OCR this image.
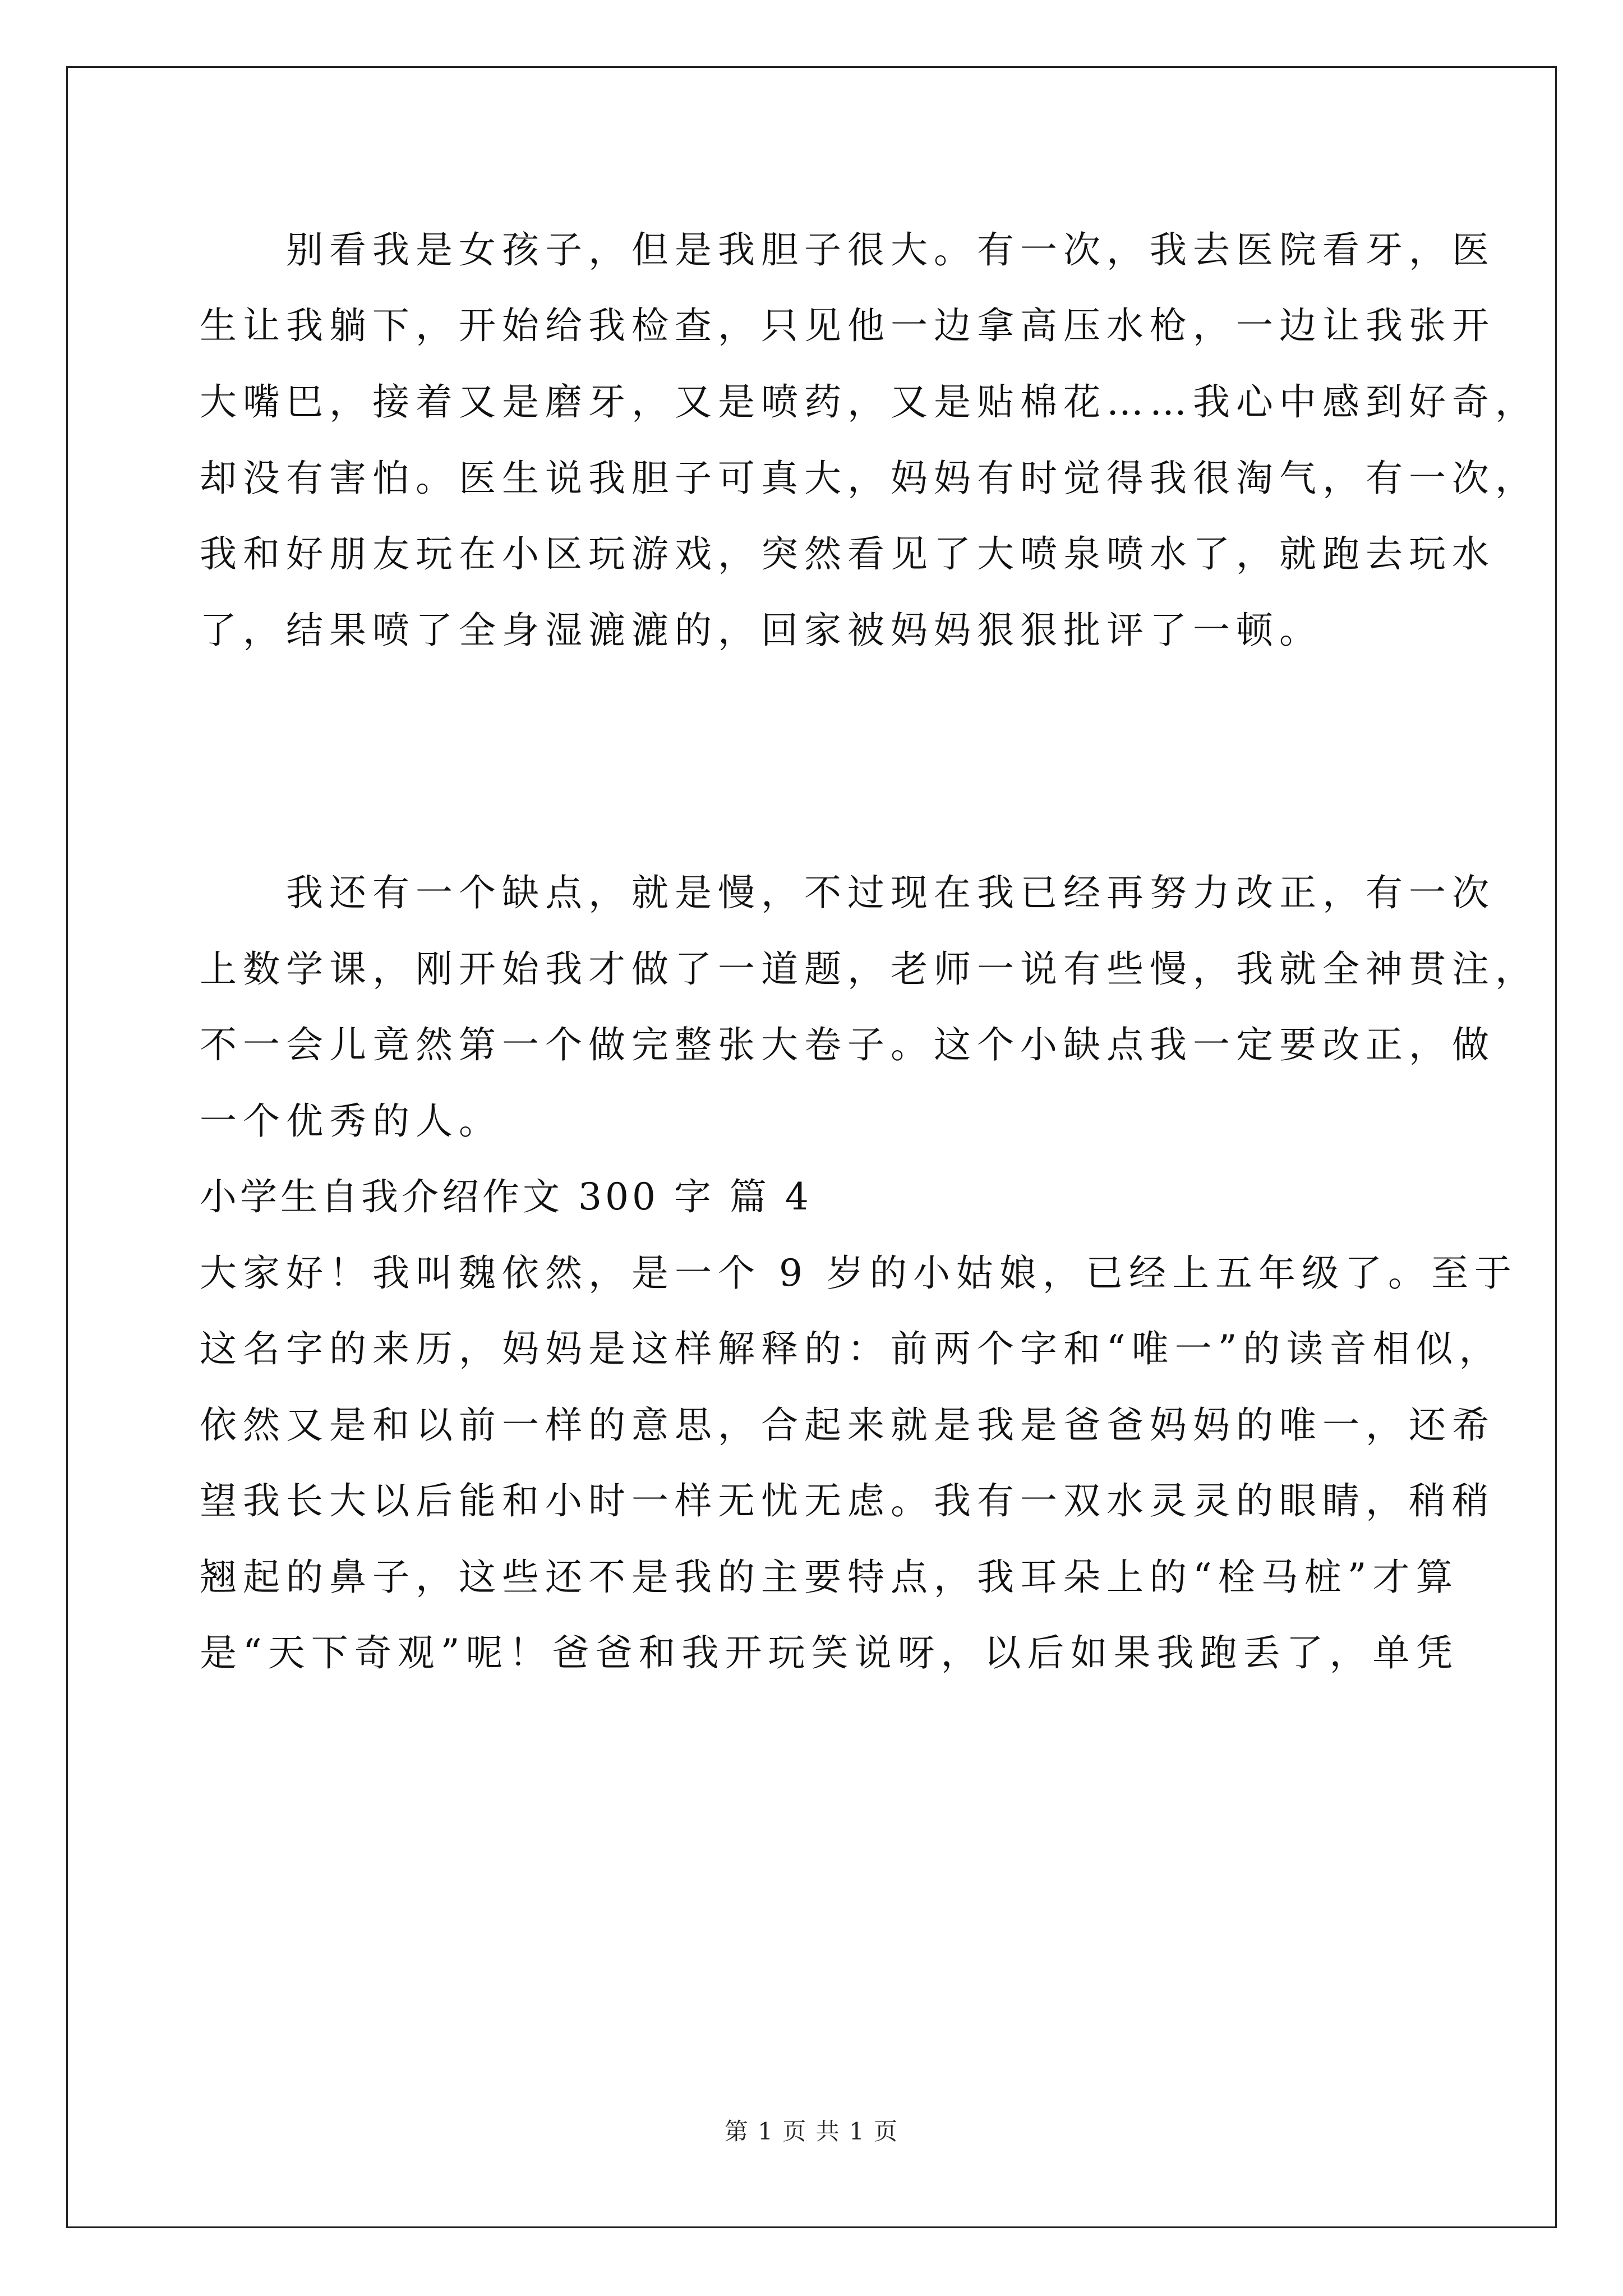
　　别看我是女孩子，但是我胆子很大。有一次，我去医院看牙，医
生让我躺下，开始给我检查，只见他一边拿高压水枪，一边让我张开
大嘴巴，接着又是磨牙，又是喷药，又是贴棉花……我心中感到好奇，
却没有害怕。医生说我胆子可真大，妈妈有时觉得我很淘气，有一次，
我和好朋友玩在小区玩游戏，突然看见了大喷泉喷水了，就跑去玩水
了，结果喷了全身湿漉漉的，回家被妈妈狠狠批评了一顿。
　　我还有一个缺点，就是慢，不过现在我已经再努力改正，有一次
上数学课，刚开始我才做了一道题，老师一说有些慢，我就全神贯注，
不一会儿竟然第一个做完整张大卷子。这个小缺点我一定要改正，做
一个优秀的人。
小学生自我介绍作文 300 字 篇 4
大家好！我叫魏依然，是一个 9 岁的小姑娘，已经上五年级了。至于
这名字的来历，妈妈是这样解释的：前两个字和“唯一”的读音相似，
依然又是和以前一样的意思，合起来就是我是爸爸妈妈的唯一，还希
望我长大以后能和小时一样无忧无虑。我有一双水灵灵的眼睛，稍稍
翘起的鼻子，这些还不是我的主要特点，我耳朵上的“栓马桩”才算
是“天下奇观”呢！爸爸和我开玩笑说呀，以后如果我跑丢了，单凭
第 1 页 共 1 页
